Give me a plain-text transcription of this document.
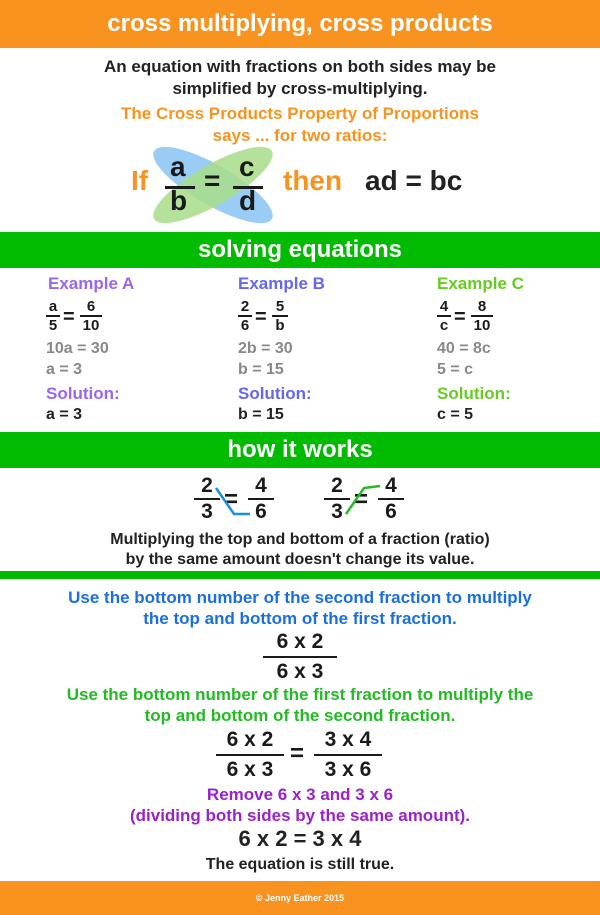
cross multiplying, cross products
An equation with fractions on both sides may be
simplified by cross-multiplying.
The Cross Products Property of Proportions
says ... for two ratios:
If a
b
= c
d
then ad = bc
solving equations
Example A
a
5 = 6
10
10a = 30
a = 3
Solution:
a = 3
Example B
2
6 = 5
b
2b = 30
b = 15
Solution:
b = 15
Example C
4
c = 8
10
40 = 8c
5 = c
Solution:
c = 5
how it works
2
3 =
4
6
2
3 =
4
6
Multiplying the top and bottom of a fraction (ratio)
by the same amount doesn't change its value.
Use the bottom number of the second fraction to multiply
the top and bottom of the first fraction.
6 x 2
6 x 3
Use the bottom number of the first fraction to multiply the
top and bottom of the second fraction.
6 x 2
6 x 3
=
3 x 4
3 x 6
Remove 6 x 3 and 3 x 6
(dividing both sides by the same amount).
6 x 2 = 3 x 4
The equation is still true.
© Jenny Eather 2015
